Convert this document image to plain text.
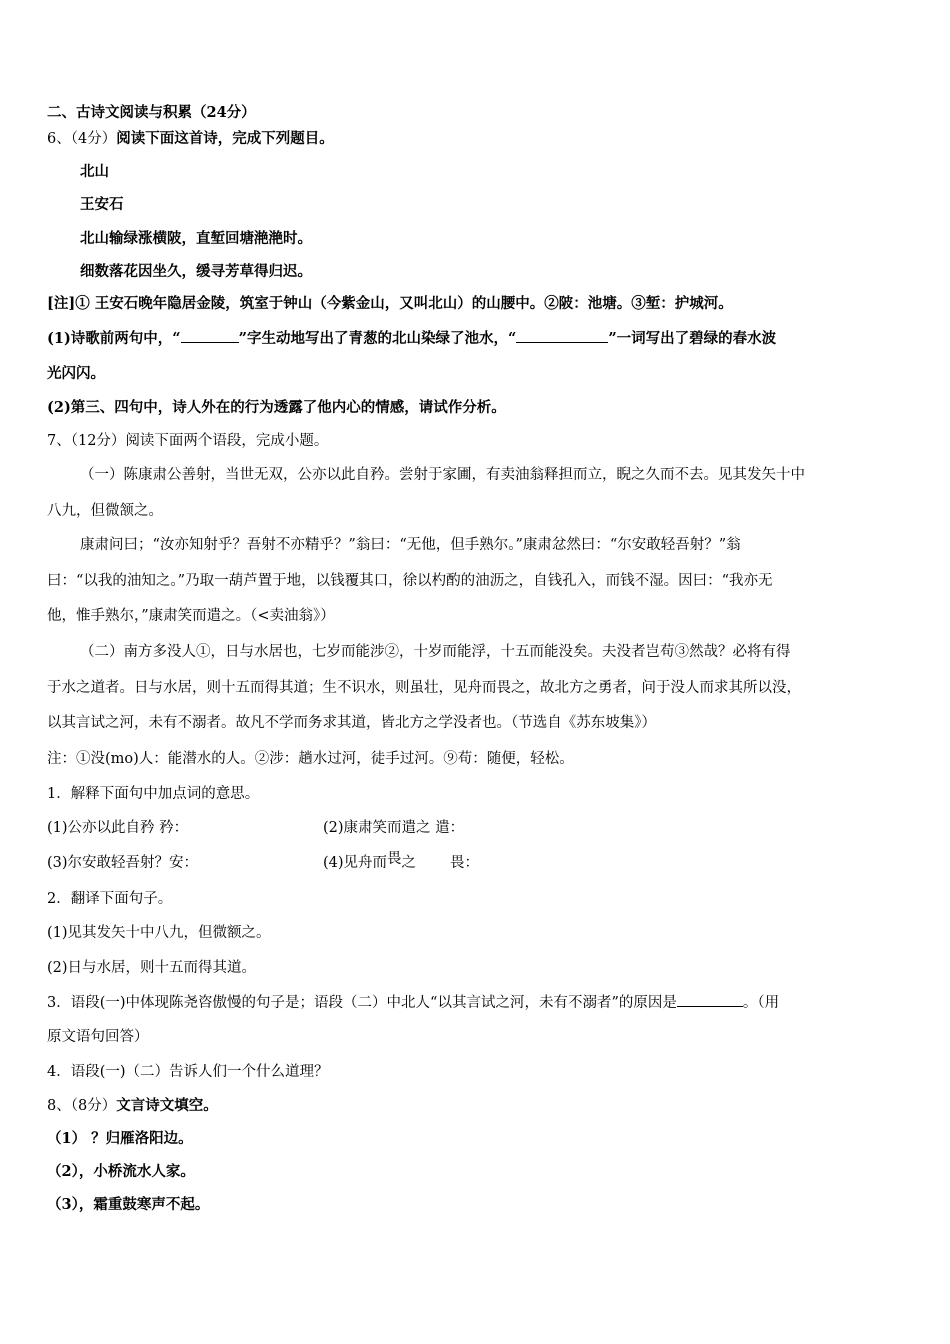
二、古诗文阅读与积累（24分）
6、（4分）阅读下面这首诗，完成下列题目。
北山
王安石
北山输绿涨横陂，直堑回塘滟滟时。
细数落花因坐久，缓寻芳草得归迟。
[注]① 王安石晚年隐居金陵，筑室于钟山（今紫金山，又叫北山）的山腰中。②陂：池塘。③堑：护城河。
(1)诗歌前两句中，“	”字生动地写出了青葱的北山染绿了池水，“	”一词写出了碧绿的春水波
光闪闪。
(2)第三、四句中，诗人外在的行为透露了他内心的情感，请试作分析。
7、（12分）阅读下面两个语段，完成小题。
（一）陈康肃公善射，当世无双，公亦以此自矜。尝射于家圃，有卖油翁释担而立，睨之久而不去。见其发矢十中
八九，但微颔之。
康肃问曰；“汝亦知射乎？吾射不亦精乎？”翁曰：“无他，但手熟尔。”康肃忿然曰：“尔安敢轻吾射？”翁
曰：“以我的油知之。”乃取一葫芦置于地，以钱覆其口，徐以杓酌的油沥之，自钱孔入，而钱不湿。因曰：“我亦无
他，惟手熟尔，”康肃笑而遣之。（<卖油翁》）
（二）南方多没人①，日与水居也，七岁而能涉②，十岁而能浮，十五而能没矣。夫没者岂苟③然哉？必将有得
于水之道者。日与水居，则十五而得其道；生不识水，则虽壮，见舟而畏之，故北方之勇者，问于没人而求其所以没，
以其言试之河，未有不溺者。故凡不学而务求其道，皆北方之学没者也。（节选自《苏东坡集》）
注：①没(mo)人：能潜水的人。②涉：趟水过河，徒手过河。⑨苟：随便，轻松。
1．解释下面句中加点词的意思。
(1)公亦以此自矜 矜：	(2)康肃笑而遣之 遣：
(3)尔安敢轻吾射？安：	(4)见舟而畏之 畏：
2．翻译下面句子。
(1)见其发矢十中八九，但微额之。
(2)日与水居，则十五而得其道。
3．语段(一)中体现陈尧咨傲慢的句子是；语段（二）中北人“以其言试之河，未有不溺者”的原因是	。（用
原文语句回答）
4．语段(一)（二）告诉人们一个什么道理？
8、（8分）文言诗文填空。
（1） ？归雁洛阳边。
（2），小桥流水人家。
（3），霜重鼓寒声不起。
